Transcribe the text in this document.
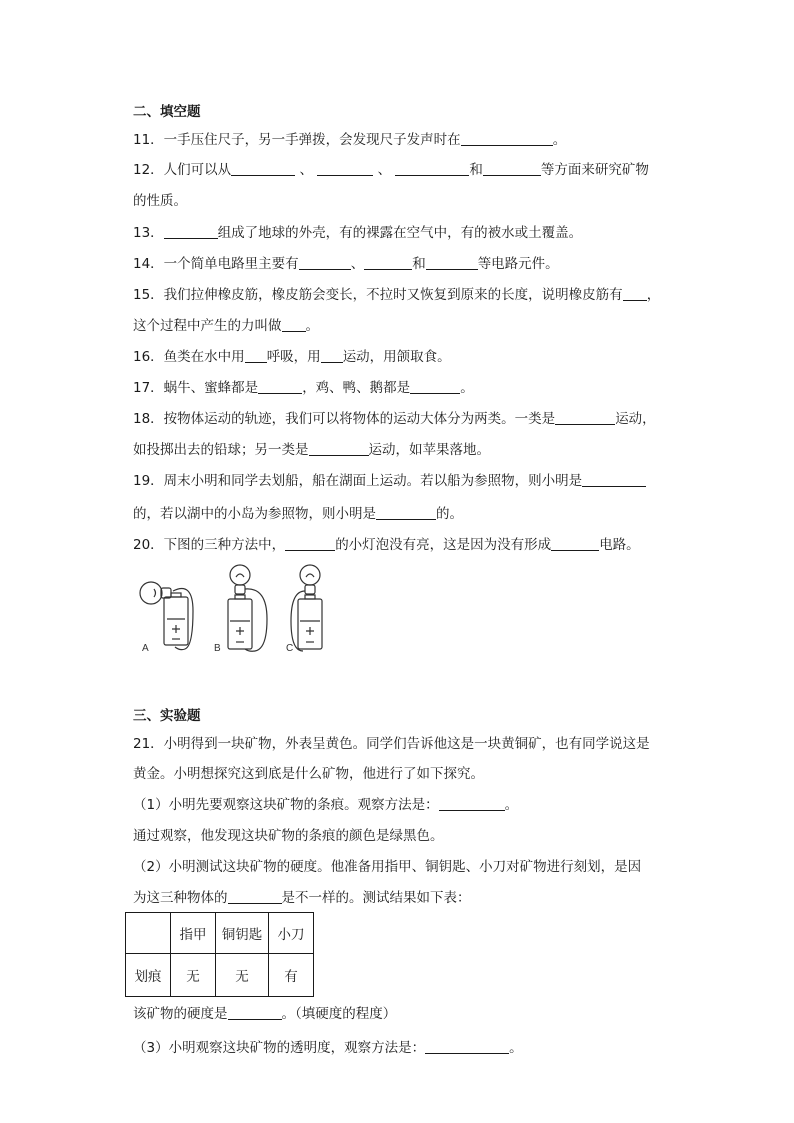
二、填空题
11．一手压住尺子，另一手弹拨，会发现尺子发声时在	。
12．人们可以从	、	、	和	等方面来研究矿物
的性质。
13．	组成了地球的外壳，有的裸露在空气中，有的被水或土覆盖。
14．一个简单电路里主要有	、	和	等电路元件。
15．我们拉伸橡皮筋，橡皮筋会变长，不拉时又恢复到原来的长度，说明橡皮筋有 ，
这个过程中产生的力叫做 。
16．鱼类在水中用 呼吸，用 运动，用颌取食。
17．蜗牛、蜜蜂都是	，鸡、鸭、鹅都是	。
18．按物体运动的轨迹，我们可以将物体的运动大体分为两类。一类是	运动，
如投掷出去的铅球；另一类是	运动，如苹果落地。
19．周末小明和同学去划船，船在湖面上运动。若以船为参照物，则小明是
的，若以湖中的小岛为参照物，则小明是	的。
20．下图的三种方法中，	的小灯泡没有亮，这是因为没有形成	电路。
A	B	C
三、实验题
21．小明得到一块矿物，外表呈黄色。同学们告诉他这是一块黄铜矿，也有同学说这是
黄金。小明想探究这到底是什么矿物，他进行了如下探究。
（1）小明先要观察这块矿物的条痕。观察方法是：	。
通过观察，他发现这块矿物的条痕的颜色是绿黑色。
（2）小明测试这块矿物的硬度。他准备用指甲、铜钥匙、小刀对矿物进行刻划，是因
为这三种物体的	是不一样的。测试结果如下表：
	指甲	铜钥匙	小刀
划痕	无	无	有
该矿物的硬度是	。（填硬度的程度）
（3）小明观察这块矿物的透明度，观察方法是：	。
